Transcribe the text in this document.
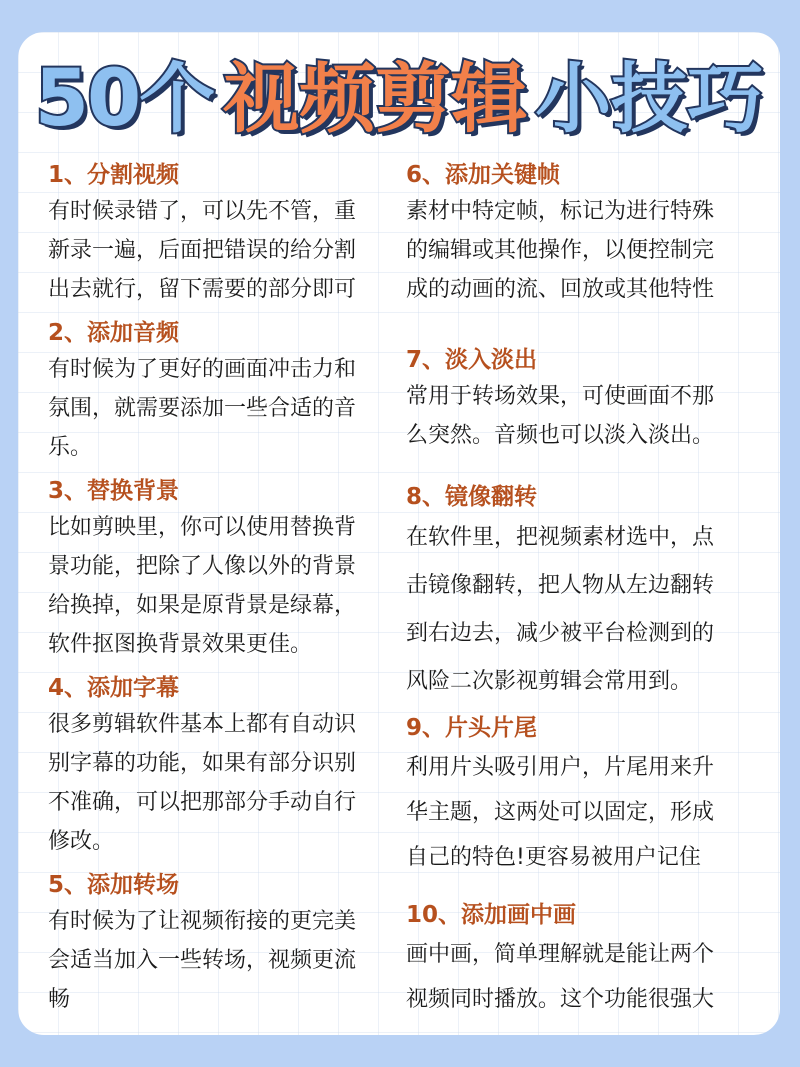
50 个 视频剪辑 小技巧
1、分割视频
有时候录错了，可以先不管，重
新录一遍，后面把错误的给分割
出去就行，留下需要的部分即可
2、添加音频
有时候为了更好的画面冲击力和
氛围，就需要添加一些合适的音
乐。
3、替换背景
比如剪映里，你可以使用替换背
景功能，把除了人像以外的背景
给换掉，如果是原背景是绿幕，
软件抠图换背景效果更佳。
4、添加字幕
很多剪辑软件基本上都有自动识
别字幕的功能，如果有部分识别
不准确，可以把那部分手动自行
修改。
5、添加转场
有时候为了让视频衔接的更完美
会适当加入一些转场，视频更流
畅
6、添加关键帧
素材中特定帧，标记为进行特殊
的编辑或其他操作，以便控制完
成的动画的流、回放或其他特性
7、淡入淡出
常用于转场效果，可使画面不那
么突然。音频也可以淡入淡出。
8、镜像翻转
在软件里，把视频素材选中，点
击镜像翻转，把人物从左边翻转
到右边去，减少被平台检测到的
风险二次影视剪辑会常用到。
9、片头片尾
利用片头吸引用户，片尾用来升
华主题，这两处可以固定，形成
自己的特色!更容易被用户记住
10、添加画中画
画中画，简单理解就是能让两个
视频同时播放。这个功能很强大
